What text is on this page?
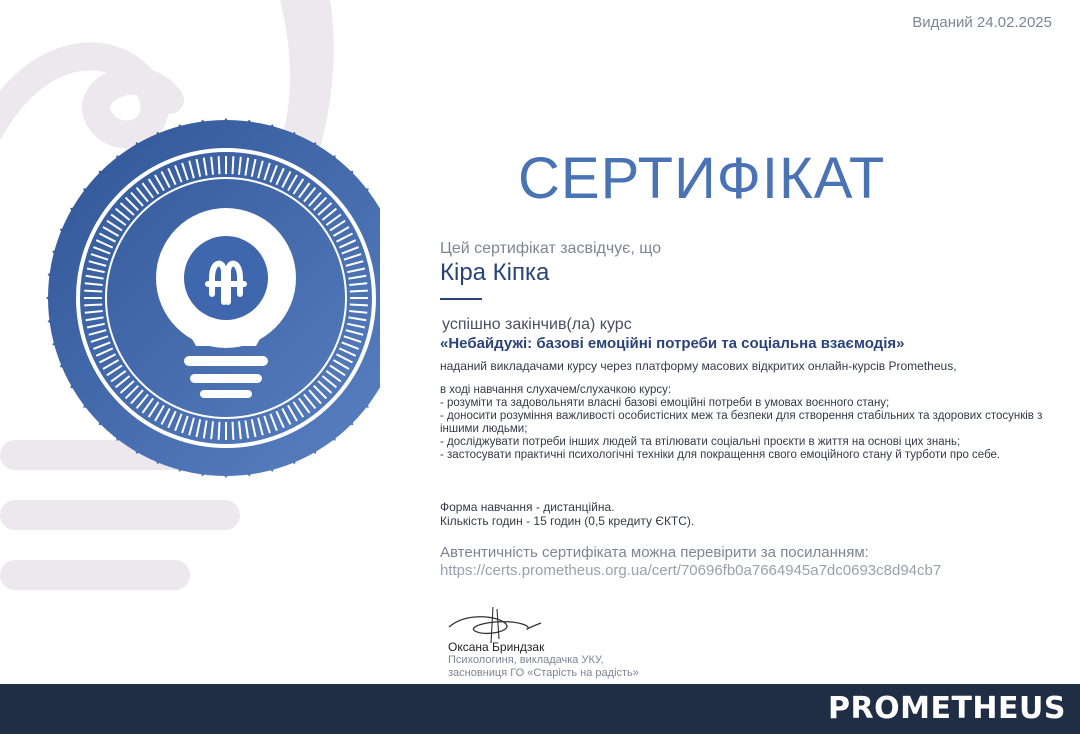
Виданий 24.02.2025
СЕРТИФІКАТ
Цей сертифікат засвідчує, що
Кіра Кіпка
успішно закінчив(ла) курс
«Небайдужі: базові емоційні потреби та соціальна взаємодія»
наданий викладачами курсу через платформу масових відкритих онлайн-курсів Prometheus,
в ході навчання слухачем/слухачкою курсу:
- розуміти та задовольняти власні базові емоційні потреби в умовах воєнного стану;
- доносити розуміння важливості особистісних меж та безпеки для створення стабільних та здорових стосунків з іншими людьми;
- досліджувати потреби інших людей та втілювати соціальні проєкти в життя на основі цих знань;
- застосувати практичні психологічні техніки для покращення свого емоційного стану й турботи про себе.
Форма навчання - дистанційна.
Кількість годин - 15 годин (0,5 кредиту ЄКТС).
Автентичність сертифіката можна перевірити за посиланням:
https://certs.prometheus.org.ua/cert/70696fb0a7664945a7dc0693c8d94cb7
Оксана Бриндзак
Психологиня, викладачка УКУ,
засновниця ГО «Старість на радість»
PROMETHEUS
